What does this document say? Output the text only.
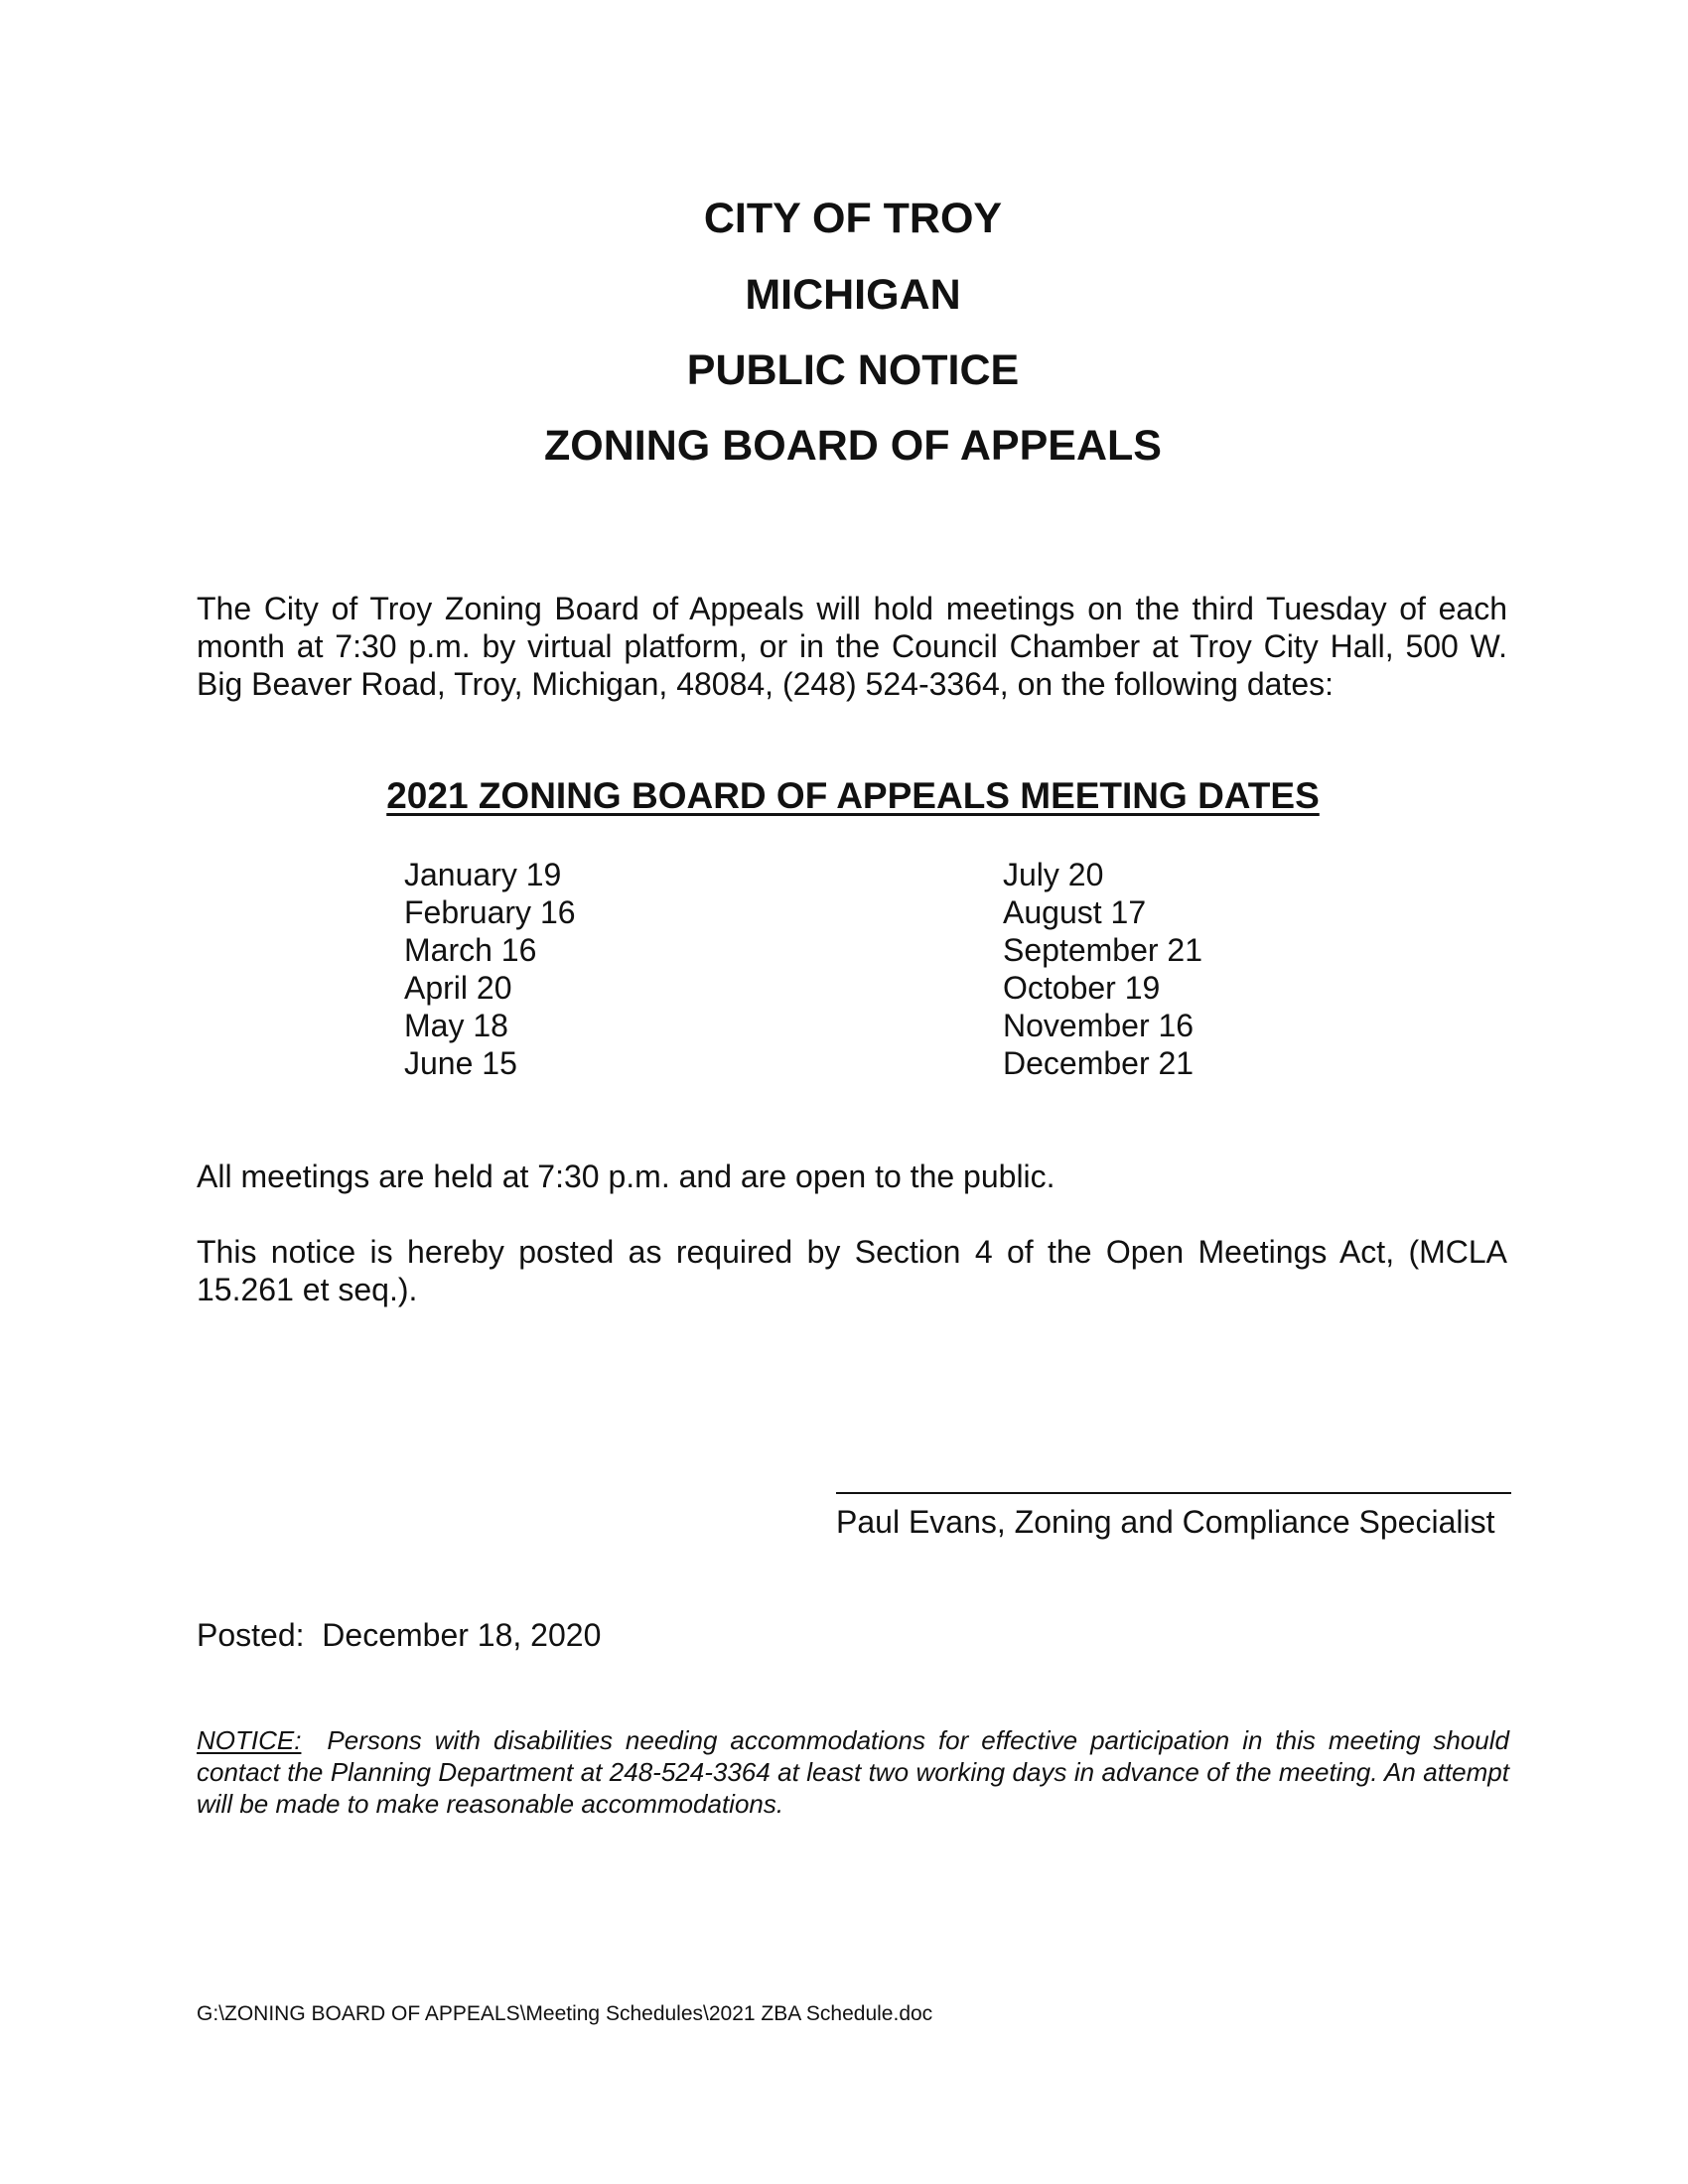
CITY OF TROY
MICHIGAN
PUBLIC NOTICE
ZONING BOARD OF APPEALS

The City of Troy Zoning Board of Appeals will hold meetings on the third Tuesday of each month at 7:30 p.m. by virtual platform, or in the Council Chamber at Troy City Hall, 500 W. Big Beaver Road, Troy, Michigan, 48084, (248) 524-3364, on the following dates:

2021 ZONING BOARD OF APPEALS MEETING DATES
January 19
February 16
March 16
April 20
May 18
June 15
July 20
August 17
September 21
October 19
November 16
December 21

All meetings are held at 7:30 p.m. and are open to the public.

This notice is hereby posted as required by Section 4 of the Open Meetings Act, (MCLA 15.261 et seq.).

Paul Evans, Zoning and Compliance Specialist
Posted:  December 18, 2020

NOTICE: Persons with disabilities needing accommodations for effective participation in this meeting should contact the Planning Department at 248-524-3364 at least two working days in advance of the meeting. An attempt will be made to make reasonable accommodations.

G:\ZONING BOARD OF APPEALS\Meeting Schedules\2021 ZBA Schedule.doc
